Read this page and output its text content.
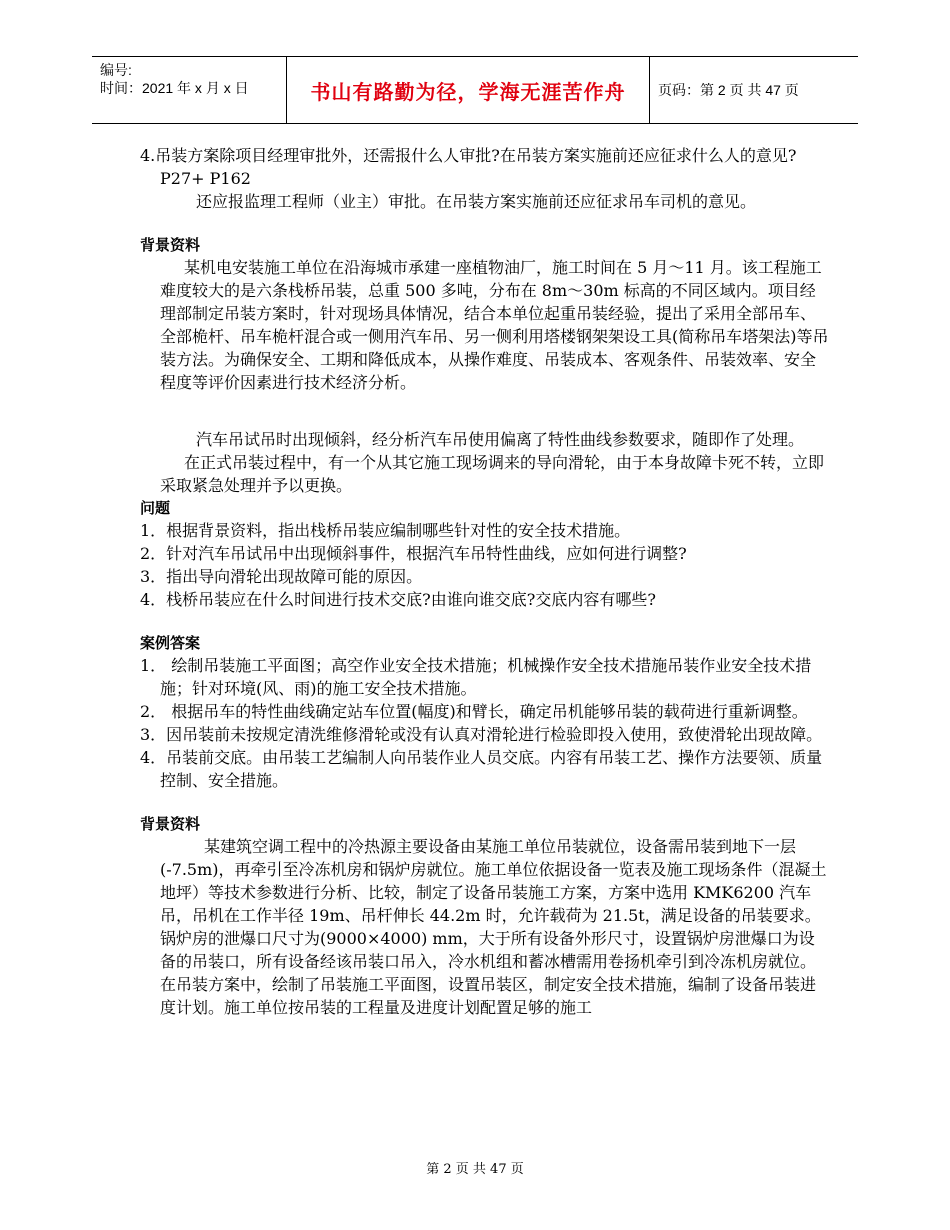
编号:
时间：2021 年 x 月 x 日	书山有路勤为径，学海无涯苦作舟	页码：第 2 页 共 47 页

4.吊装方案除项目经理审批外，还需报什么人审批?在吊装方案实施前还应征求什么人的意见? P27+ P162

还应报监理工程师（业主）审批。在吊装方案实施前还应征求吊车司机的意见。

背景资料

某机电安装施工单位在沿海城市承建一座植物油厂，施工时间在 5 月～11 月。该工程施工难度较大的是六条栈桥吊装，总重 500 多吨，分布在 8m～30m 标高的不同区域内。项目经理部制定吊装方案时，针对现场具体情况，结合本单位起重吊装经验，提出了采用全部吊车、全部桅杆、吊车桅杆混合或一侧用汽车吊、另一侧利用塔楼钢架架设工具(简称吊车塔架法)等吊装方法。为确保安全、工期和降低成本，从操作难度、吊装成本、客观条件、吊装效率、安全程度等评价因素进行技术经济分析。

汽车吊试吊时出现倾斜，经分析汽车吊使用偏离了特性曲线参数要求，随即作了处理。

在正式吊装过程中，有一个从其它施工现场调来的导向滑轮，由于本身故障卡死不转，立即采取紧急处理并予以更换。

问题

1．根据背景资料，指出栈桥吊装应编制哪些针对性的安全技术措施。

2．针对汽车吊试吊中出现倾斜事件，根据汽车吊特性曲线，应如何进行调整?

3．指出导向滑轮出现故障可能的原因。

4．栈桥吊装应在什么时间进行技术交底?由谁向谁交底?交底内容有哪些?

案例答案

1． 绘制吊装施工平面图；高空作业安全技术措施；机械操作安全技术措施吊装作业安全技术措施；针对环境(风、雨)的施工安全技术措施。

2． 根据吊车的特性曲线确定站车位置(幅度)和臂长，确定吊机能够吊装的载荷进行重新调整。

3．因吊装前未按规定清洗维修滑轮或没有认真对滑轮进行检验即投入使用，致使滑轮出现故障。

4．吊装前交底。由吊装工艺编制人向吊装作业人员交底。内容有吊装工艺、操作方法要领、质量控制、安全措施。

背景资料

某建筑空调工程中的冷热源主要设备由某施工单位吊装就位，设备需吊装到地下一层(-7.5m)，再牵引至冷冻机房和锅炉房就位。施工单位依据设备一览表及施工现场条件（混凝土地坪）等技术参数进行分析、比较，制定了设备吊装施工方案，方案中选用 KMK6200 汽车吊，吊机在工作半径 19m、吊杆伸长 44.2m 时，允许载荷为 21.5t，满足设备的吊装要求。锅炉房的泄爆口尺寸为(9000×4000) mm，大于所有设备外形尺寸，设置锅炉房泄爆口为设备的吊装口，所有设备经该吊装口吊入，冷水机组和蓄冰槽需用卷扬机牵引到冷冻机房就位。在吊装方案中，绘制了吊装施工平面图，设置吊装区，制定安全技术措施，编制了设备吊装进度计划。施工单位按吊装的工程量及进度计划配置足够的施工

第 2 页 共 47 页
